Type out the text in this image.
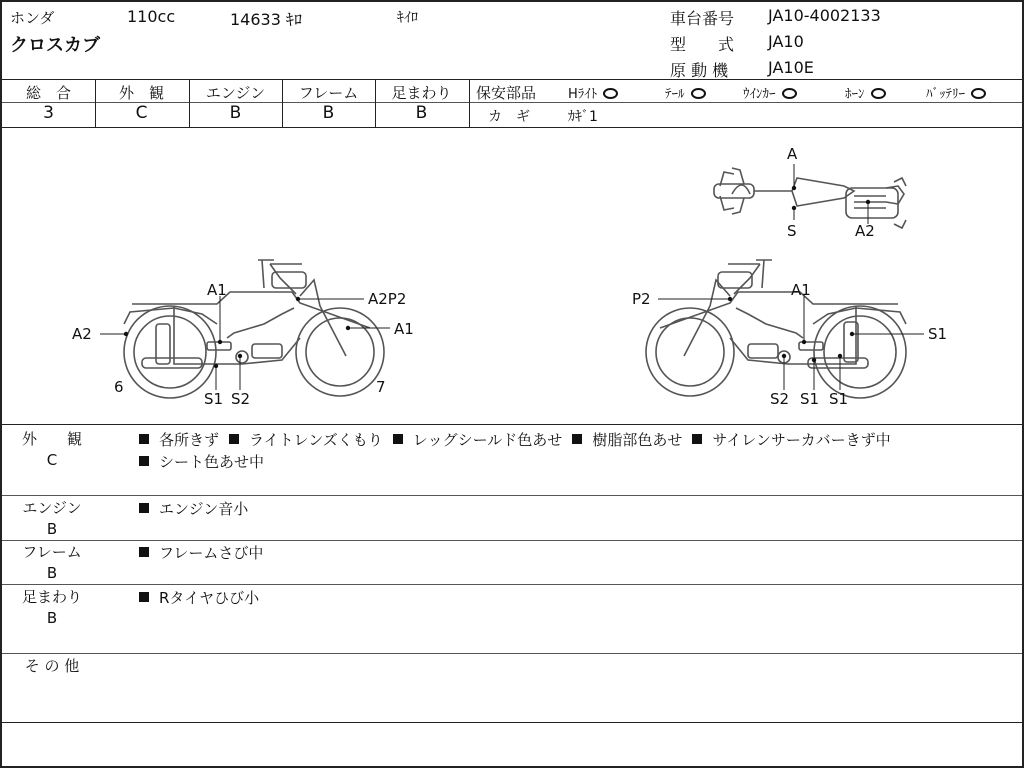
ホンダ	110cc	14633 ｷﾛ	ｷｲﾛ
クロスカブ
車台番号 JA10-4002133
型　　式 JA10
原 動 機 JA10E
総　合
3
外　観
C
エンジン
B
フレーム
B
足まわり
B
保安部品 Hﾗｲﾄ	ﾃｰﾙ	ｳｲﾝｶｰ	ﾎｰﾝ	ﾊﾞｯﾃﾘｰ
カ　ギ	ｶｷﾞ1
A
S	A2
A1	A2P2
A2	A1
6	7
S1 S2
P2	A1
S1
S2 S1 S1
外　　観
C
各所きず ライトレンズくもり レッグシールド色あせ 樹脂部色あせ サイレンサーカバーきず中
シート色あせ中
エンジン
B
エンジン音小
フレーム
B
フレームさび中
足まわり
B
Rタイヤひび小
そ の 他
